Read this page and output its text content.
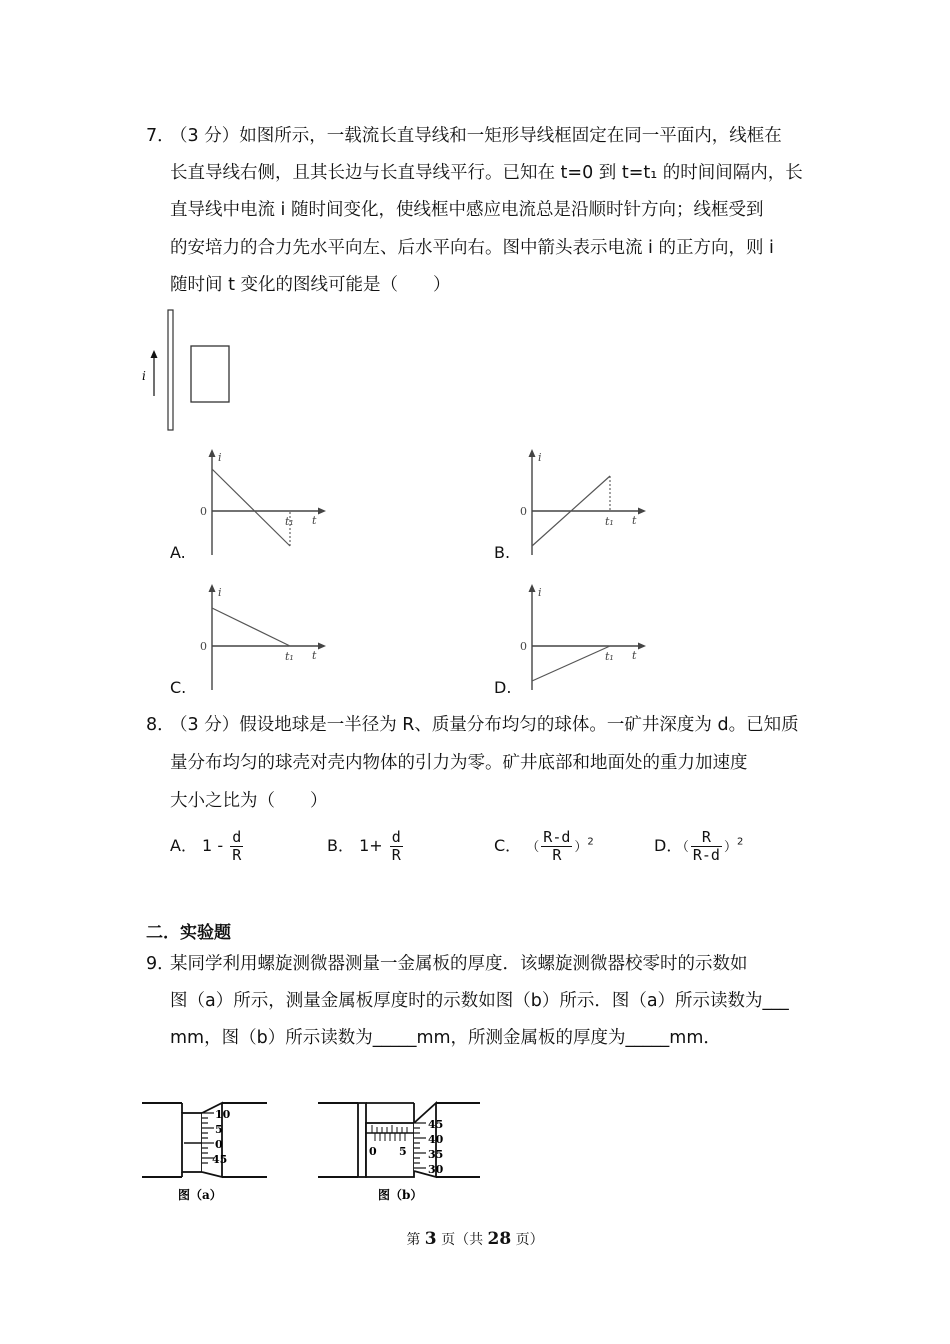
7．
（3 分）如图所示，一载流长直导线和一矩形导线框固定在同一平面内，线框在
长直导线右侧，且其长边与长直导线平行。已知在 t=0 到 t=t₁ 的时间间隔内，长
直导线中电流 i 随时间变化，使线框中感应电流总是沿顺时针方向；线框受到
的安培力的合力先水平向左、后水平向右。图中箭头表示电流 i 的正方向，则 i
随时间 t 变化的图线可能是（　　）
i
t₁ t
i
0
t₁ t
i
0
t₁ t
i
0
t₁ t
i
0
A.	B.
C.	D.
8．
（3 分）假设地球是一半径为 R、质量分布均匀的球体。一矿井深度为 d。已知质
量分布均匀的球壳对壳内物体的引力为零。矿井底部和地面处的重力加速度
大小之比为（　　）
A． $1 - \frac{d}{R}$	B． $1+ \frac{d}{R}$	C． （ $\frac{R-d}{R} )^2$	D．（ $\frac{R}{R-d} )^2$
二．实验题
9．
某同学利用螺旋测微器测量一金属板的厚度．该螺旋测微器校零时的示数如
图（a）所示，测量金属板厚度时的示数如图（b）所示．图（a）所示读数为___
mm，图（b）所示读数为_____mm，所测金属板的厚度为_____mm．
10
5
0
45
图（a）
0 5
45
40
35
30
图（b）
第 3 页（共 28 页）
